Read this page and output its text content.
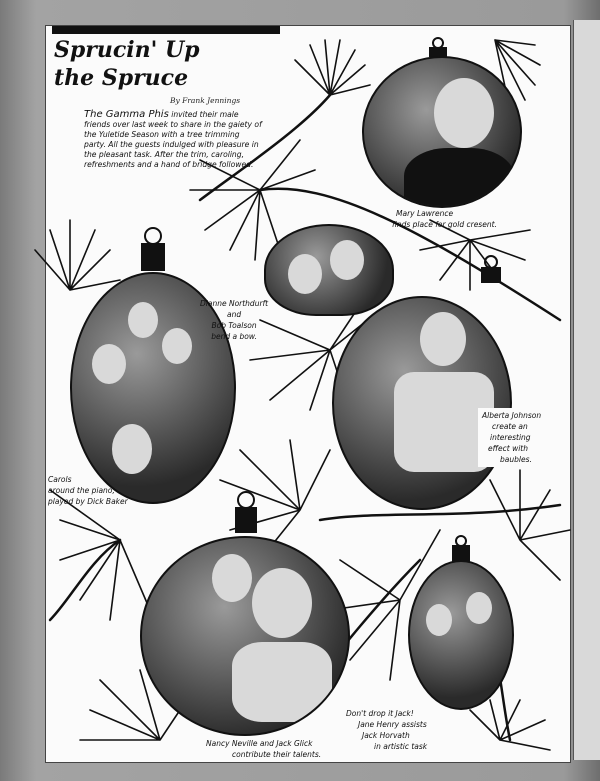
Sprucin' Up
the Spruce
By Frank Jennings

The Gamma Phis invited their male friends over last week to share in the gaiety of the Yuletide Season with a tree trimming party. All the guests indulged with pleasure in the pleasant task. After the trim, caroling, refreshments and a hand of bridge followed.

Mary Lawrence
finds place for gold cresent.

Dianne Northdurft
and
Bob Toalson
bend a bow.

Alberta Johnson
create an
interesting
effect with
baubles.

Carols
around the piano,
played by Dick Baker

Nancy Neville and Jack Glick
contribute their talents.

Don't drop it Jack!
Jane Henry assists
Jack Horvath
in artistic task
